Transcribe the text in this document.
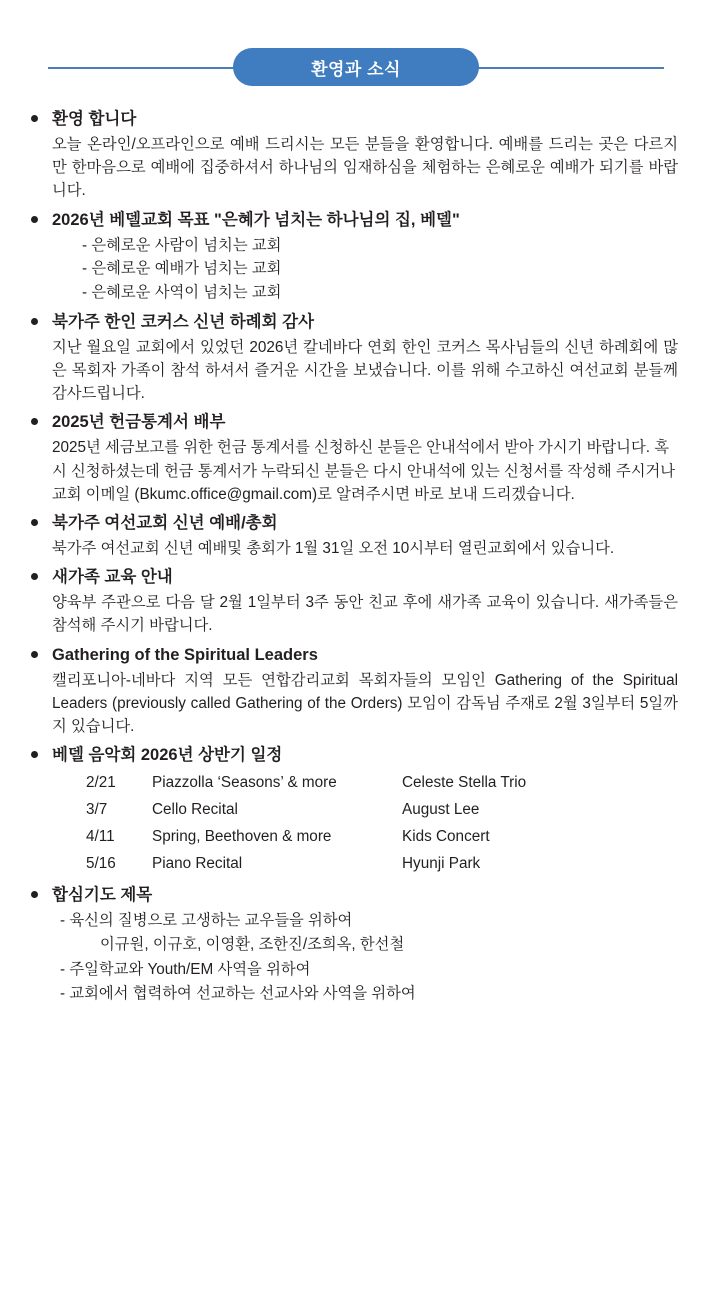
환영과 소식

환영 합니다

오늘 온라인/오프라인으로 예배 드리시는 모든 분들을 환영합니다. 예배를 드리는 곳은 다르지만 한마음으로 예배에 집중하셔서 하나님의 임재하심을 체험하는 은혜로운 예배가 되기를 바랍니다.

2026년 베델교회 목표 "은혜가 넘치는 하나님의 집, 베델"

- 은혜로운 사람이 넘치는 교회

- 은혜로운 예배가 넘치는 교회

- 은혜로운 사역이 넘치는 교회

북가주 한인 코커스 신년 하례회 감사

지난 월요일 교회에서 있었던 2026년 칼네바다 연회 한인 코커스 목사님들의 신년 하례회에 많은 목회자 가족이 참석 하셔서 즐거운 시간을 보냈습니다. 이를 위해 수고하신 여선교회 분들께 감사드립니다.

2025년 헌금통계서 배부

2025년 세금보고를 위한 헌금 통계서를 신청하신 분들은 안내석에서 받아 가시기 바랍니다. 혹시 신청하셨는데 헌금 통계서가 누락되신 분들은 다시 안내석에 있는 신청서를 작성해 주시거나 교회 이메일 (Bkumc.office@gmail.com)로 알려주시면 바로 보내 드리겠습니다.

북가주 여선교회 신년 예배/총회

북가주 여선교회 신년 예배및 총회가 1월 31일 오전 10시부터 열린교회에서 있습니다.

새가족 교육 안내

양육부 주관으로 다음 달 2월 1일부터 3주 동안 친교 후에 새가족 교육이 있습니다. 새가족들은 참석해 주시기 바랍니다.

Gathering of the Spiritual Leaders

캘리포니아-네바다 지역 모든 연합감리교회 목회자들의 모임인 Gathering of the Spiritual Leaders (previously called Gathering of the Orders) 모임이 감독님 주재로 2월 3일부터 5일까지 있습니다.

베델 음악회 2026년 상반기 일정

2/21	Piazzolla ‘Seasons’ & more	Celeste Stella Trio
3/7	Cello Recital	August Lee
4/11	Spring, Beethoven & more	Kids Concert
5/16	Piano Recital	Hyunji Park

합심기도 제목

- 육신의 질병으로 고생하는 교우들을 위하여

이규원, 이규호, 이영환, 조한진/조희옥, 한선철

- 주일학교와 Youth/EM 사역을 위하여

- 교회에서 협력하여 선교하는 선교사와 사역을 위하여
